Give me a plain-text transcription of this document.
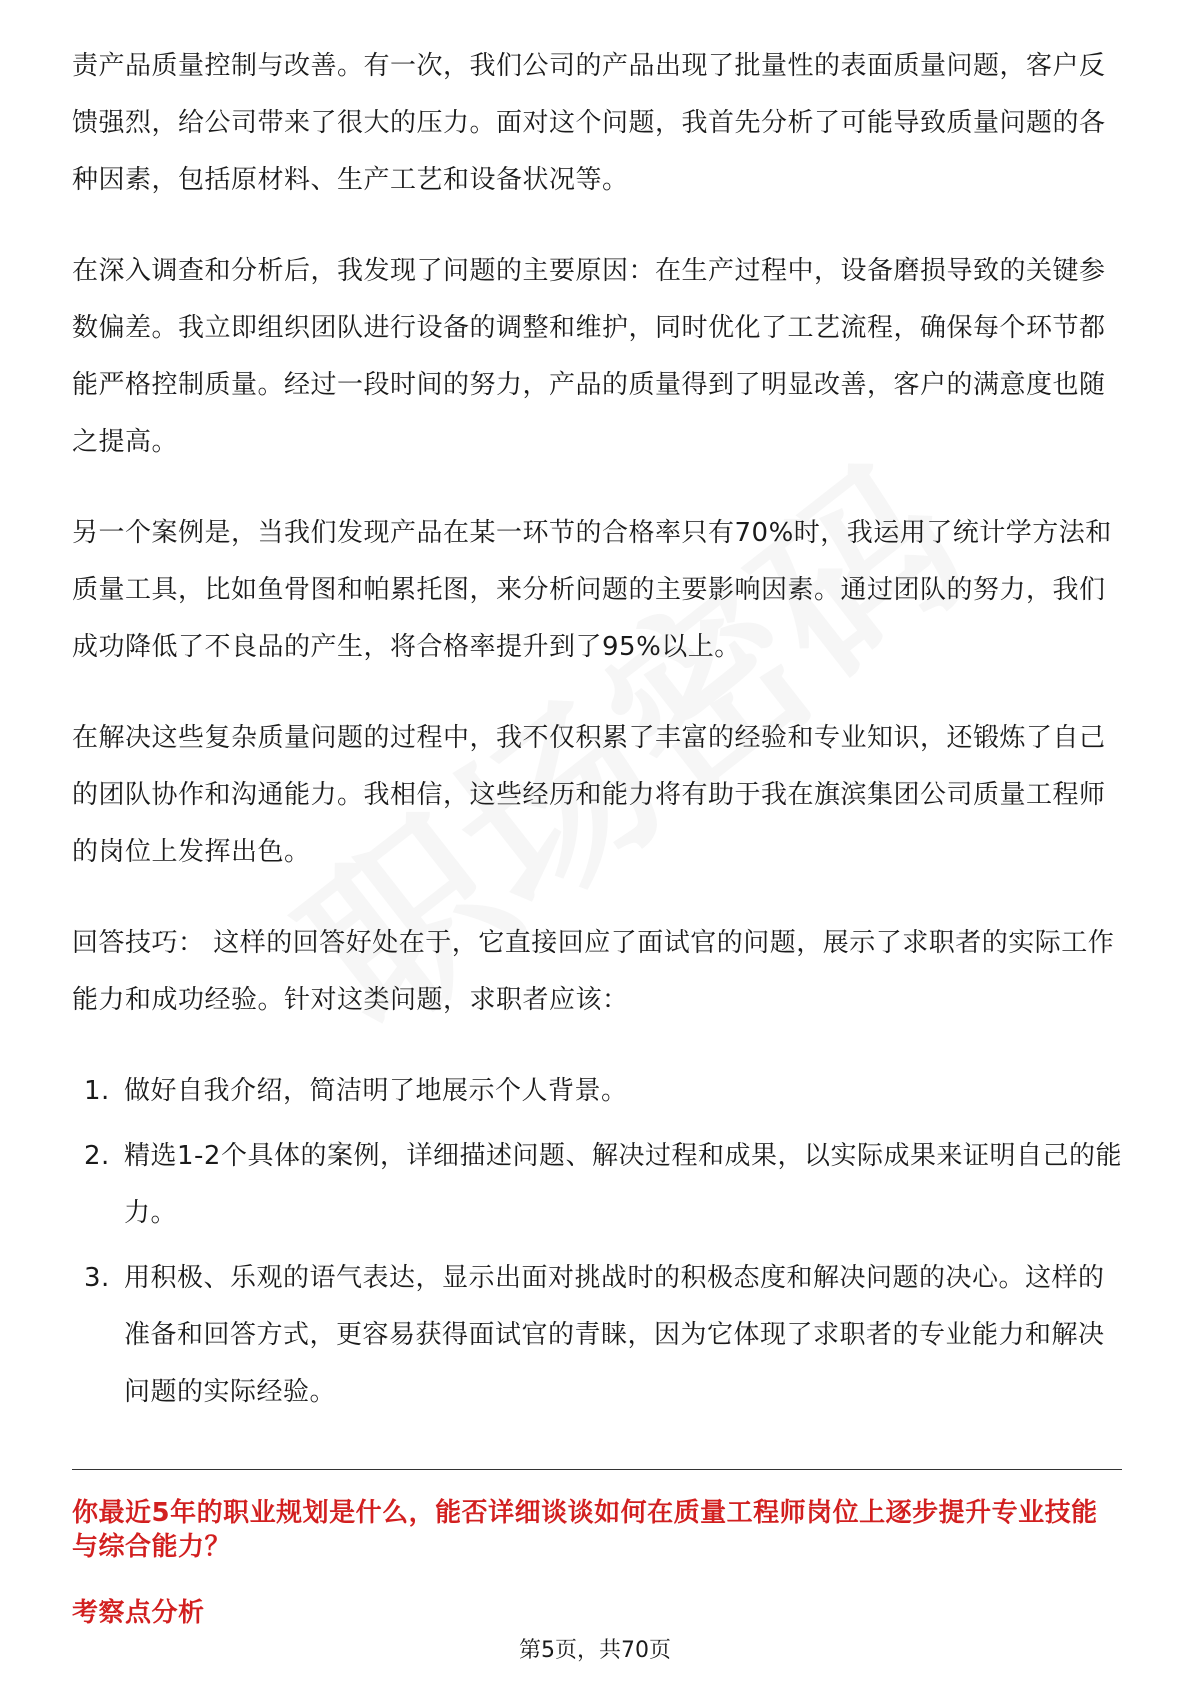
责产品质量控制与改善。有一次，我们公司的产品出现了批量性的表面质量问题，客户反馈强烈，给公司带来了很大的压力。面对这个问题，我首先分析了可能导致质量问题的各种因素，包括原材料、生产工艺和设备状况等。

在深入调查和分析后，我发现了问题的主要原因：在生产过程中，设备磨损导致的关键参数偏差。我立即组织团队进行设备的调整和维护，同时优化了工艺流程，确保每个环节都能严格控制质量。经过一段时间的努力，产品的质量得到了明显改善，客户的满意度也随之提高。

另一个案例是，当我们发现产品在某一环节的合格率只有70%时，我运用了统计学方法和质量工具，比如鱼骨图和帕累托图，来分析问题的主要影响因素。通过团队的努力，我们成功降低了不良品的产生，将合格率提升到了95%以上。

在解决这些复杂质量问题的过程中，我不仅积累了丰富的经验和专业知识，还锻炼了自己的团队协作和沟通能力。我相信，这些经历和能力将有助于我在旗滨集团公司质量工程师的岗位上发挥出色。

回答技巧： 这样的回答好处在于，它直接回应了面试官的问题，展示了求职者的实际工作能力和成功经验。针对这类问题，求职者应该：

1. 做好自我介绍，简洁明了地展示个人背景。
2. 精选1-2个具体的案例，详细描述问题、解决过程和成果，以实际成果来证明自己的能力。
3. 用积极、乐观的语气表达，显示出面对挑战时的积极态度和解决问题的决心。这样的准备和回答方式，更容易获得面试官的青睐，因为它体现了求职者的专业能力和解决问题的实际经验。

你最近5年的职业规划是什么，能否详细谈谈如何在质量工程师岗位上逐步提升专业技能与综合能力？

考察点分析

第5页，共70页
